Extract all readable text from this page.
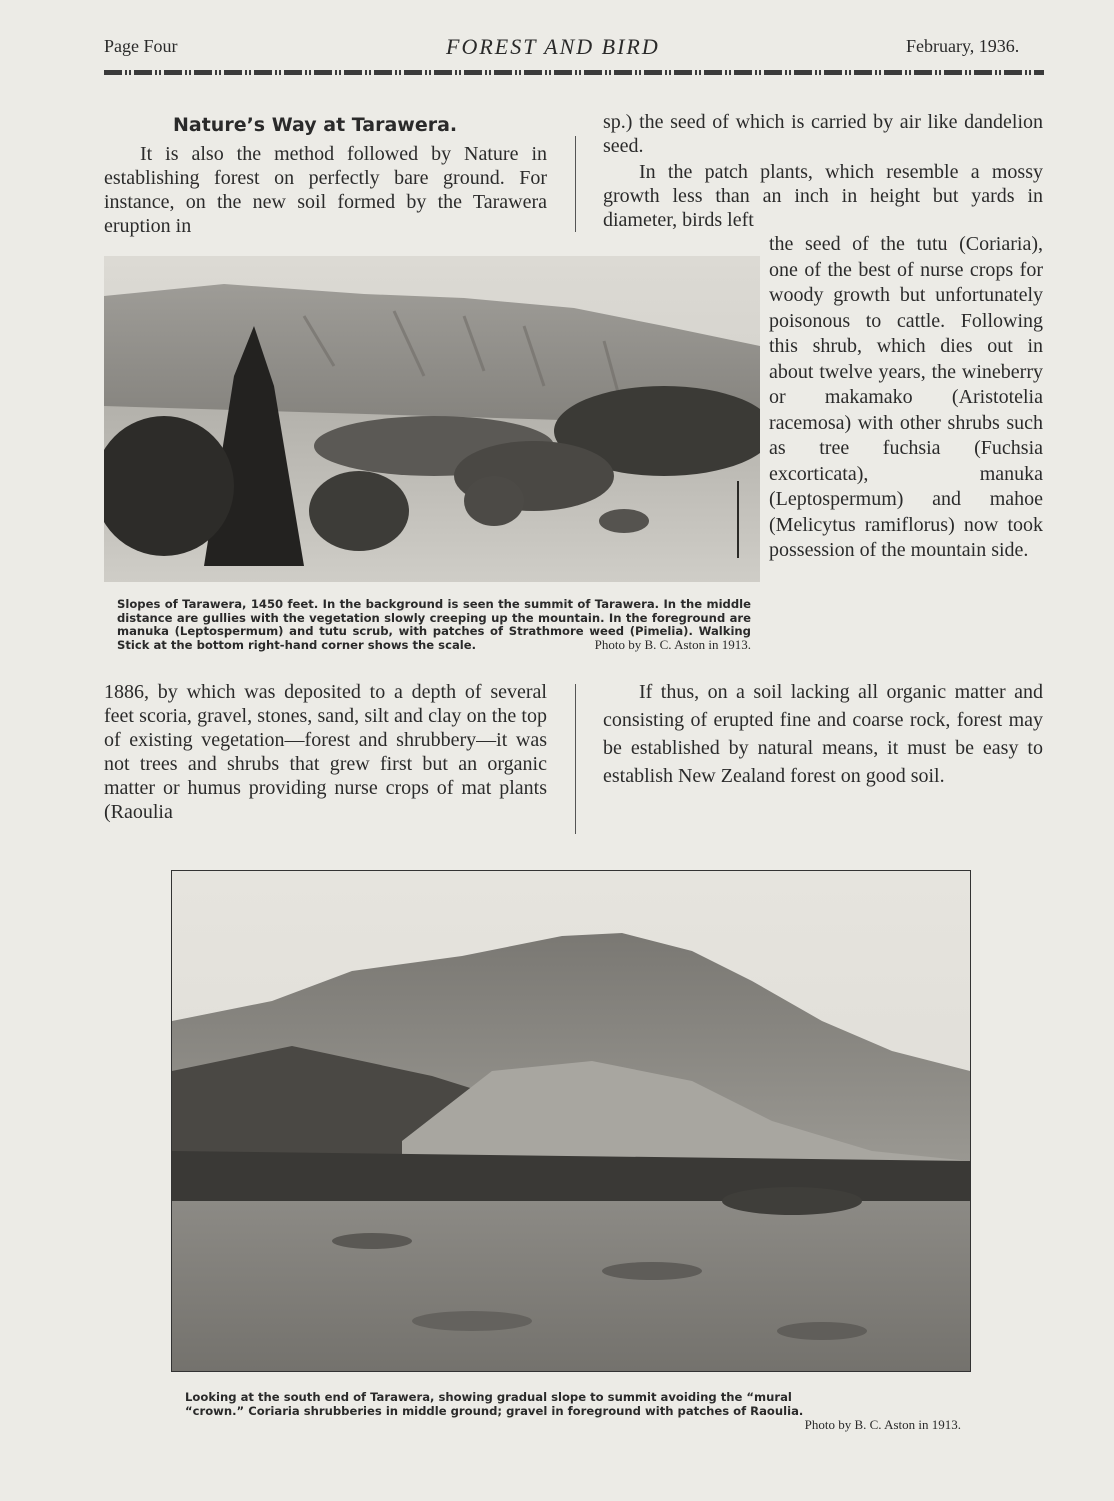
Page Four	FOREST AND BIRD	February, 1936.
Nature’s Way at Tarawera.
It is also the method followed by Nature in establishing forest on perfectly bare ground. For instance, on the new soil formed by the Tarawera eruption in
sp.) the seed of which is carried by air like dandelion seed.
In the patch plants, which resemble a mossy growth less than an inch in height but yards in diameter, birds left
the seed of the tutu (Coriaria), one of the best of nurse crops for woody growth but unfortunately poisonous to cattle. Following this shrub, which dies out in about twelve years, the wineberry or makamako (Aristotelia racemosa) with other shrubs such as tree fuchsia (Fuchsia excorticata), manuka (Leptospermum) and mahoe (Melicytus ramiflorus) now took possession of the mountain side.
Slopes of Tarawera, 1450 feet. In the background is seen the summit of Tarawera. In the middle distance are gullies with the vegetation slowly creeping up the mountain. In the foreground are manuka (Leptospermum) and tutu scrub, with patches of Strathmore weed (Pimelia). Walking Stick at the bottom right-hand corner shows the scale.	Photo by B. C. Aston in 1913.
1886, by which was deposited to a depth of several feet scoria, gravel, stones, sand, silt and clay on the top of existing vegetation—forest and shrubbery—it was not trees and shrubs that grew first but an organic matter or humus providing nurse crops of mat plants (Raoulia
If thus, on a soil lacking all organic matter and consisting of erupted fine and coarse rock, forest may be established by natural means, it must be easy to establish New Zealand forest on good soil.
Looking at the south end of Tarawera, showing gradual slope to summit avoiding the “mural
“crown.” Coriaria shrubberies in middle ground; gravel in foreground with patches of Raoulia.
Photo by B. C. Aston in 1913.
